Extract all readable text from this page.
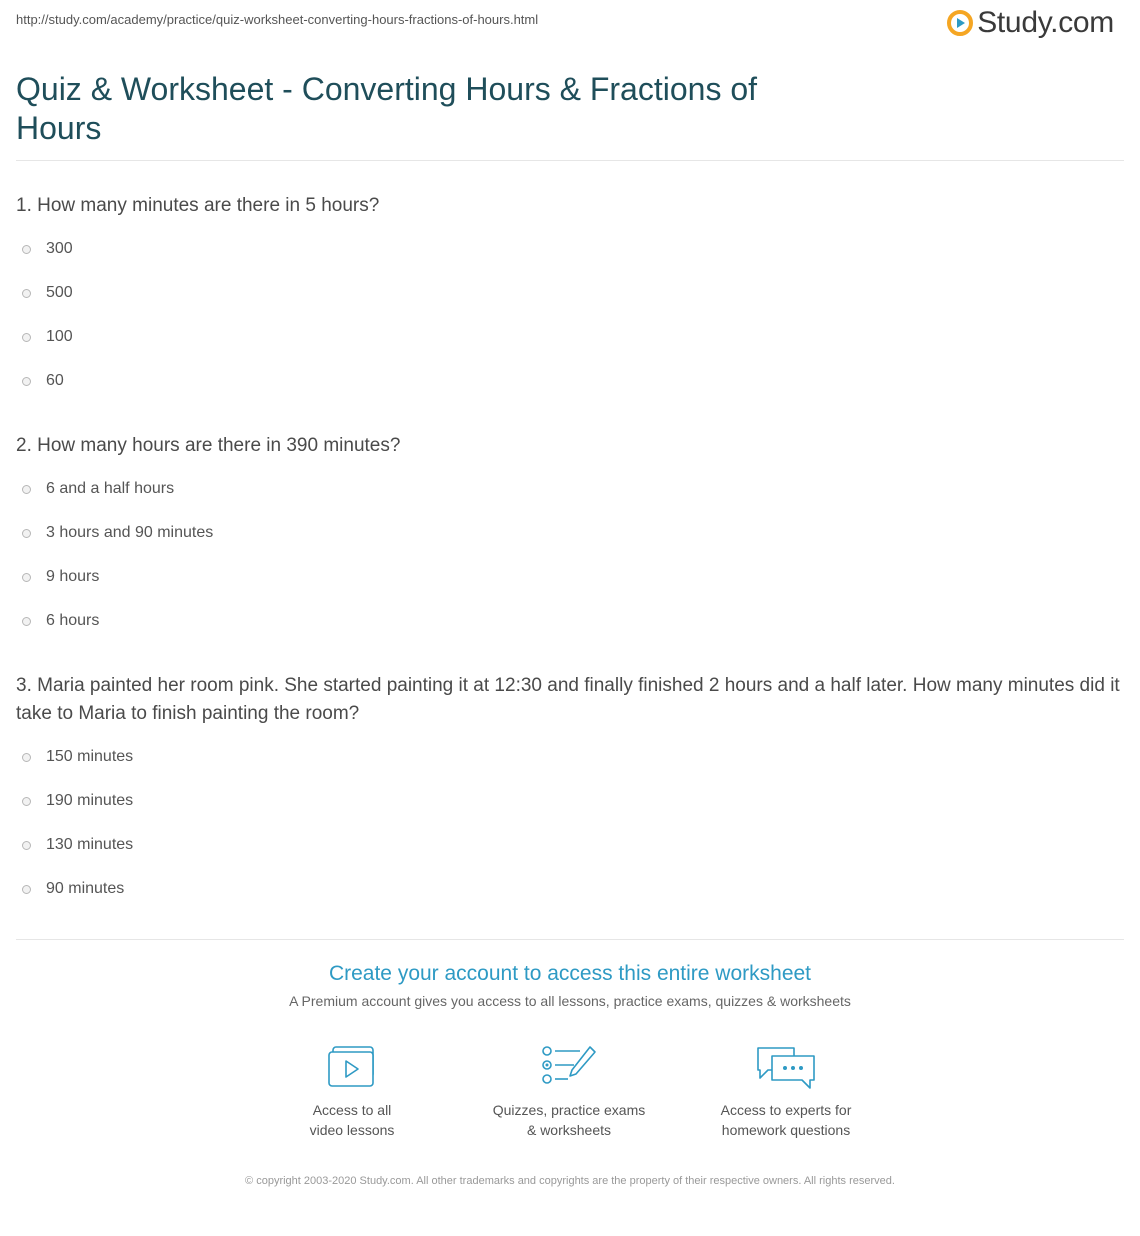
http://study.com/academy/practice/quiz-worksheet-converting-hours-fractions-of-hours.html	Study.com
Quiz & Worksheet - Converting Hours & Fractions of Hours

1. How many minutes are there in 5 hours?

300
500
100
60

2. How many hours are there in 390 minutes?

6 and a half hours
3 hours and 90 minutes
9 hours
6 hours

3. Maria painted her room pink. She started painting it at 12:30 and finally finished 2 hours and a half later. How many minutes did it take to Maria to finish painting the room?

150 minutes
190 minutes
130 minutes
90 minutes
Create your account to access this entire worksheet
A Premium account gives you access to all lessons, practice exams, quizzes & worksheets
Access to all
video lessons
Quizzes, practice exams
& worksheets
Access to experts for
homework questions
© copyright 2003-2020 Study.com. All other trademarks and copyrights are the property of their respective owners. All rights reserved.
